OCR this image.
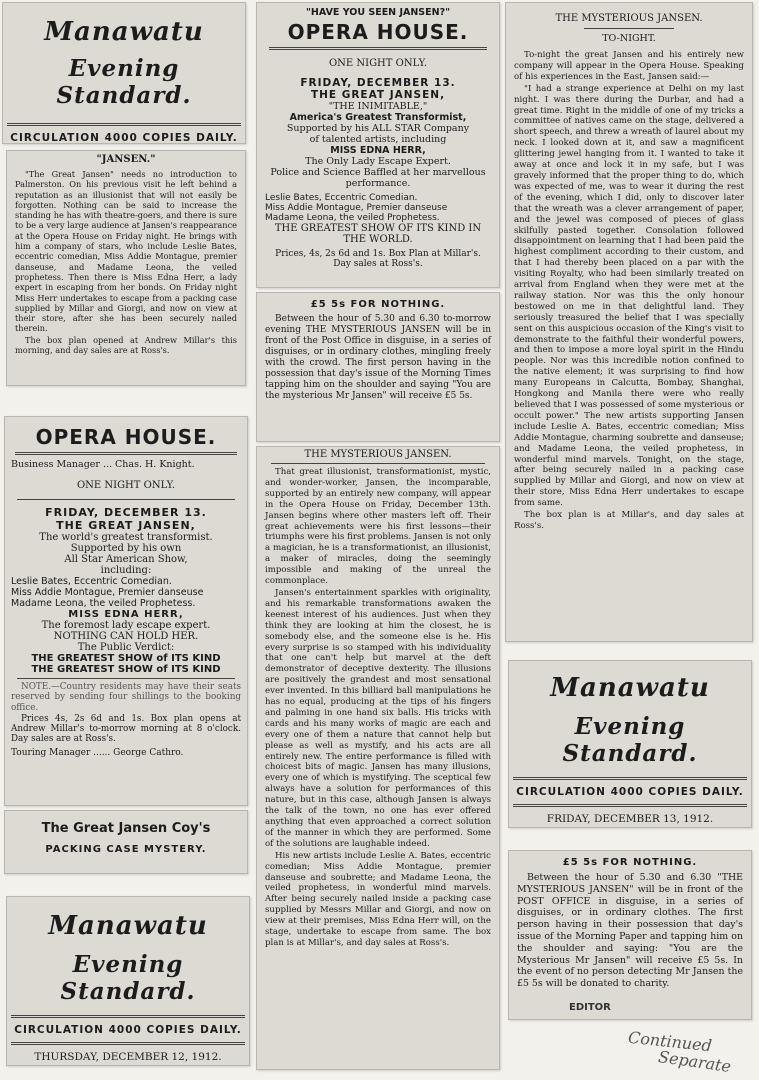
Manawatu
Evening Standard.
CIRCULATION 4000 COPIES DAILY.
"JANSEN."

"The Great Jansen" needs no introduction to Palmerston. On his previous visit he left behind a reputation as an illusionist that will not easily be forgotten. Nothing can be said to increase the standing he has with theatre-goers, and there is sure to be a very large audience at Jansen's reappearance at the Opera House on Friday night. He brings with him a company of stars, who include Leslie Bates, eccentric comedian, Miss Addie Montague, premier danseuse, and Madame Leona, the veiled prophetess. Then there is Miss Edna Herr, a lady expert in escaping from her bonds. On Friday night Miss Herr undertakes to escape from a packing case supplied by Millar and Giorgi, and now on view at their store, after she has been securely nailed therein.

The box plan opened at Andrew Millar's this morning, and day sales are at Ross's.

OPERA HOUSE.
Business Manager ... Chas. H. Knight.
ONE NIGHT ONLY.
FRIDAY, DECEMBER 13.
THE GREAT JANSEN,
The world's greatest transformist.
Supported by his own
All Star American Show,
including:
Leslie Bates, Eccentric Comedian.
Miss Addie Montague, Premier danseuse
Madame Leona, the veiled Prophetess.
MISS EDNA HERR,
The foremost lady escape expert.
NOTHING CAN HOLD HER.
The Public Verdict:
THE GREATEST SHOW of ITS KIND
THE GREATEST SHOW of ITS KIND
NOTE.—Country residents may have their seats reserved by sending four shillings to the booking office.
Prices 4s, 2s 6d and 1s. Box plan opens at Andrew Millar's to-morrow morning at 8 o'clock. Day sales are at Ross's.
Touring Manager ...... George Cathro.
The Great Jansen Coy's
PACKING CASE MYSTERY.
Manawatu
Evening Standard.
CIRCULATION 4000 COPIES DAILY.
THURSDAY, DECEMBER 12, 1912.
"HAVE YOU SEEN JANSEN?"
OPERA HOUSE.
ONE NIGHT ONLY.
FRIDAY, DECEMBER 13.
THE GREAT JANSEN,
"THE INIMITABLE,"
America's Greatest Transformist,
Supported by his ALL STAR Company
of talented artists, including
MISS EDNA HERR,
The Only Lady Escape Expert.
Police and Science Baffled at her marvellous performance.
Leslie Bates, Eccentric Comedian.
Miss Addie Montague, Premier danseuse
Madame Leona, the veiled Prophetess.
THE GREATEST SHOW OF ITS KIND IN THE WORLD.
Prices, 4s, 2s 6d and 1s. Box Plan at Millar's. Day sales at Ross's.
£5 5s FOR NOTHING.
Between the hour of 5.30 and 6.30 to-morrow evening THE MYSTERIOUS JANSEN will be in front of the Post Office in disguise, in a series of disguises, or in ordinary clothes, mingling freely with the crowd. The first person having in the possession that day's issue of the Morning Times tapping him on the shoulder and saying "You are the mysterious Mr Jansen" will receive £5 5s.
THE MYSTERIOUS JANSEN.

That great illusionist, transformationist, mystic, and wonder-worker, Jansen, the incomparable, supported by an entirely new company, will appear in the Opera House on Friday, December 13th. Jansen begins where other masters left off. Their great achievements were his first lessons—their triumphs were his first problems. Jansen is not only a magician, he is a transformationist, an illusionist, a maker of miracles, doing the seemingly impossible and making of the unreal the commonplace.

Jansen's entertainment sparkles with originality, and his remarkable transformations awaken the keenest interest of his audiences. Just when they think they are looking at him the closest, he is somebody else, and the someone else is he. His every surprise is so stamped with his individuality that one can't help but marvel at the deft demonstrator of deceptive dexterity. The illusions are positively the grandest and most sensational ever invented. In this billiard ball manipulations he has no equal, producing at the tips of his fingers and palming in one hand six balls. His tricks with cards and his many works of magic are each and every one of them a nature that cannot help but please as well as mystify, and his acts are all entirely new. The entire performance is filled with choicest bits of magic. Jansen has many illusions, every one of which is mystifying. The sceptical few always have a solution for performances of this nature, but in this case, although Jansen is always the talk of the town, no one has ever offered anything that even approached a correct solution of the manner in which they are performed. Some of the solutions are laughable indeed.

His new artists include Leslie A. Bates, eccentric comedian; Miss Addie Montague, premier danseuse and soubrette; and Madame Leona, the veiled prophetess, in wonderful mind marvels. After being securely nailed inside a packing case supplied by Messrs Millar and Giorgi, and now on view at their premises, Miss Edna Herr will, on the stage, undertake to escape from same. The box plan is at Millar's, and day sales at Ross's.

THE MYSTERIOUS JANSEN.
TO-NIGHT.

To-night the great Jansen and his entirely new company will appear in the Opera House. Speaking of his experiences in the East, Jansen said:—

"I had a strange experience at Delhi on my last night. I was there during the Durbar, and had a great time. Right in the middle of one of my tricks a committee of natives came on the stage, delivered a short speech, and threw a wreath of laurel about my neck. I looked down at it, and saw a magnificent glittering jewel hanging from it. I wanted to take it away at once and lock it in my safe, but I was gravely informed that the proper thing to do, which was expected of me, was to wear it during the rest of the evening, which I did, only to discover later that the wreath was a clever arrangement of paper, and the jewel was composed of pieces of glass skilfully pasted together. Consolation followed disappointment on learning that I had been paid the highest compliment according to their custom, and that I had thereby been placed on a par with the visiting Royalty, who had been similarly treated on arrival from England when they were met at the railway station. Nor was this the only honour bestowed on me in that delightful land. They seriously treasured the belief that I was specially sent on this auspicious occasion of the King's visit to demonstrate to the faithful their wonderful powers, and then to impose a more loyal spirit in the Hindu people. Nor was this incredible notion confined to the native element; it was surprising to find how many Europeans in Calcutta, Bombay, Shanghai, Hongkong and Manila there were who really believed that I was possessed of some mysterious or occult power." The new artists supporting Jansen include Leslie A. Bates, eccentric comedian; Miss Addie Montague, charming soubrette and danseuse; and Madame Leona, the veiled prophetess, in wonderful mind marvels. Tonight, on the stage, after being securely nailed in a packing case supplied by Millar and Giorgi, and now on view at their store, Miss Edna Herr undertakes to escape from same.

The box plan is at Millar's, and day sales at Ross's.

Manawatu
Evening Standard.
CIRCULATION 4000 COPIES DAILY.
FRIDAY, DECEMBER 13, 1912.
£5 5s FOR NOTHING.
Between the hour of 5.30 and 6.30 "THE MYSTERIOUS JANSEN" will be in front of the POST OFFICE in disguise, in a series of disguises, or in ordinary clothes. The first person having in their possession that day's issue of the Morning Paper and tapping him on the shoulder and saying: "You are the Mysterious Mr Jansen" will receive £5 5s. In the event of no person detecting Mr Jansen the £5 5s will be donated to charity.
EDITOR
Continued
Separate
